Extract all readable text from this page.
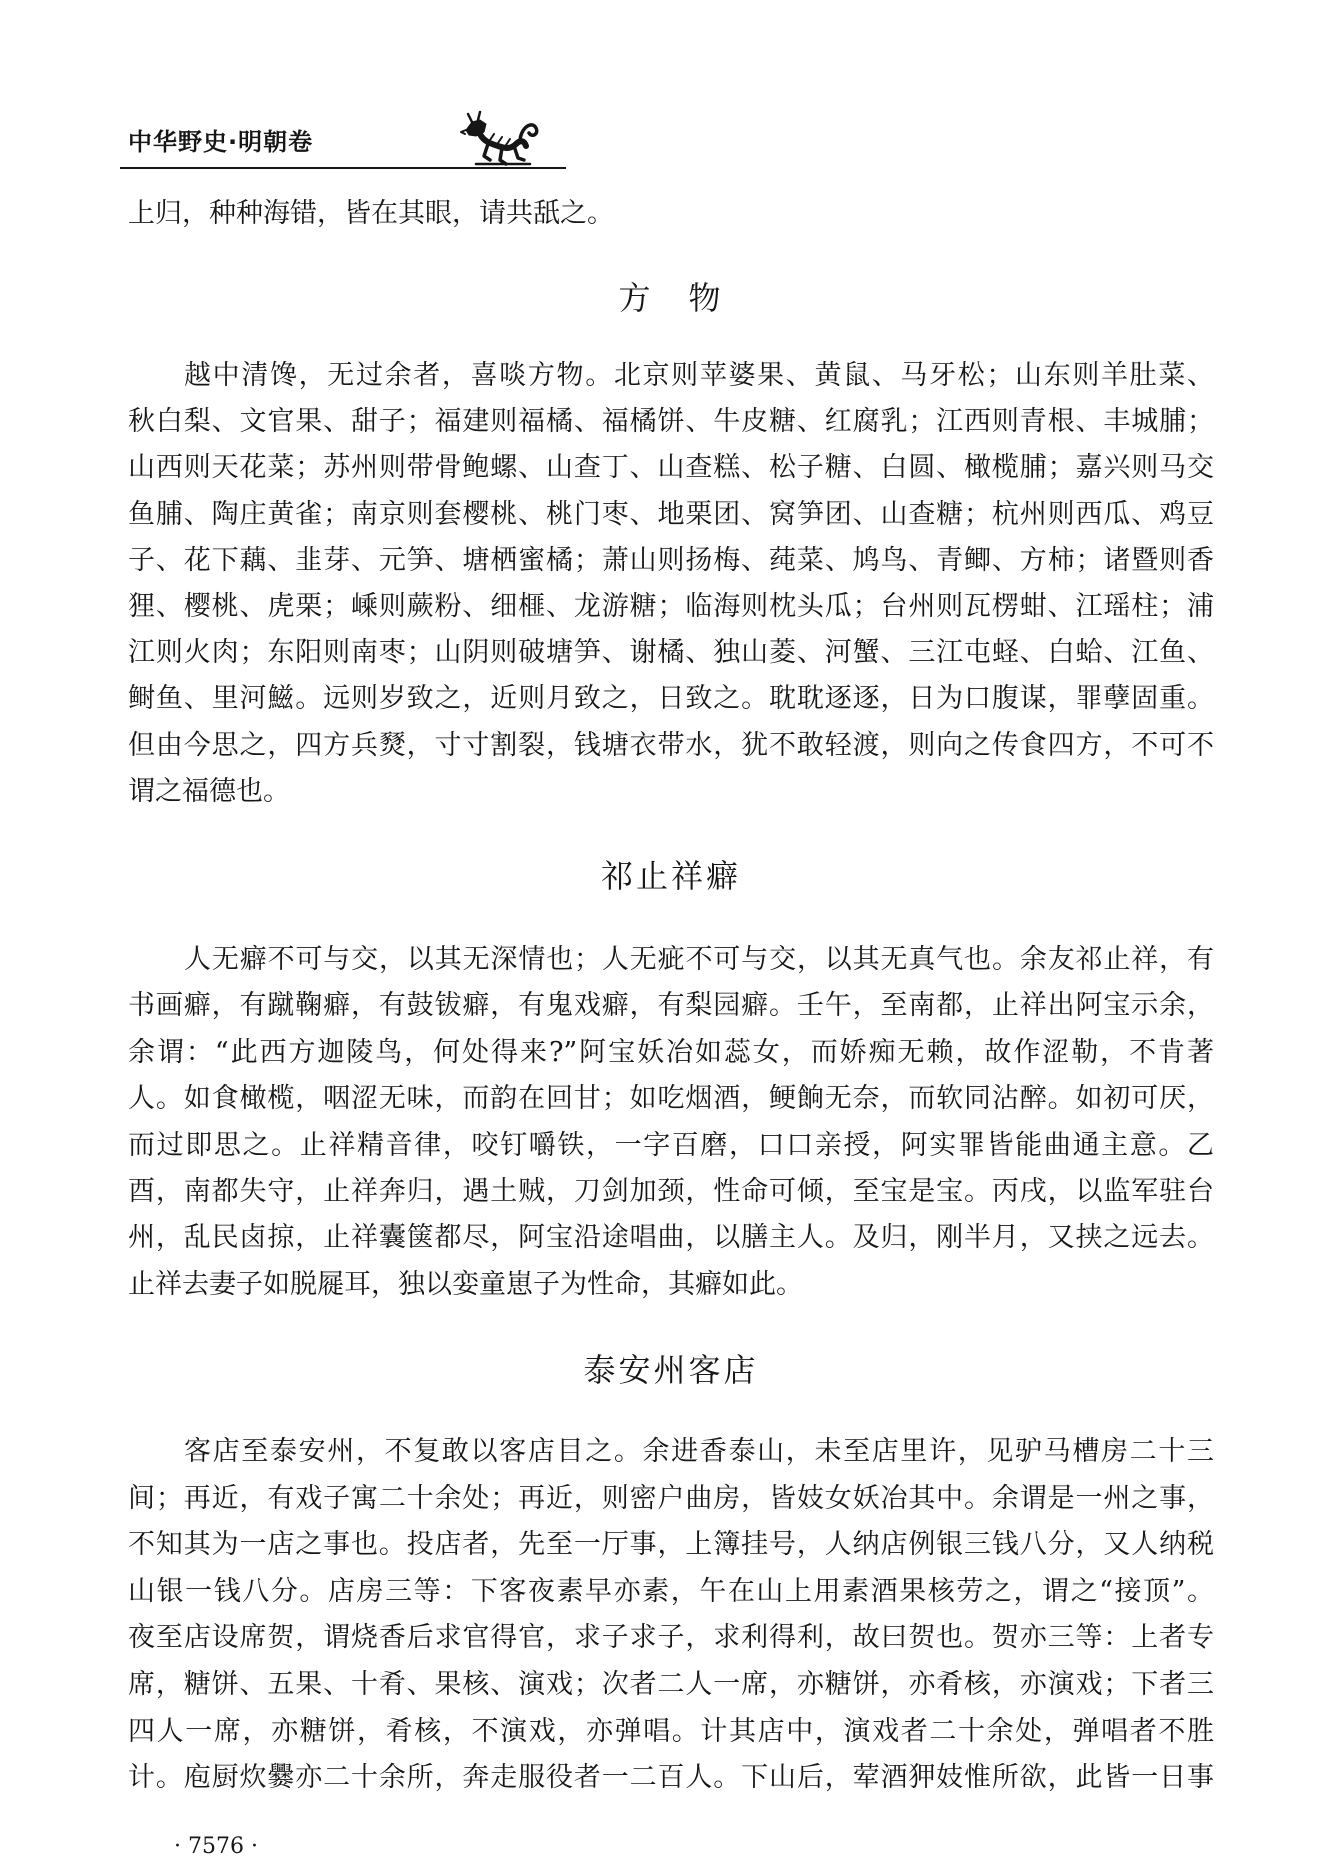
中华野史·明朝卷
上归，种种海错，皆在其眼，请共舐之。
方　物
越中清馋，无过余者，喜啖方物。北京则苹婆果、黄鼠、马牙松；山东则羊肚菜、
秋白梨、文官果、甜子；福建则福橘、福橘饼、牛皮糖、红腐乳；江西则青根、丰城脯；
山西则天花菜；苏州则带骨鲍螺、山查丁、山查糕、松子糖、白圆、橄榄脯；嘉兴则马交
鱼脯、陶庄黄雀；南京则套樱桃、桃门枣、地栗团、窝笋团、山查糖；杭州则西瓜、鸡豆
子、花下藕、韭芽、元笋、塘栖蜜橘；萧山则扬梅、莼菜、鸠鸟、青鲫、方柿；诸暨则香
狸、樱桃、虎栗；嵊则蕨粉、细榧、龙游糖；临海则枕头瓜；台州则瓦楞蚶、江瑶柱；浦
江则火肉；东阳则南枣；山阴则破塘笋、谢橘、独山菱、河蟹、三江屯蛏、白蛤、江鱼、
鲥鱼、里河鰦。远则岁致之，近则月致之，日致之。耽耽逐逐，日为口腹谋，罪孽固重。
但由今思之，四方兵燹，寸寸割裂，钱塘衣带水，犹不敢轻渡，则向之传食四方，不可不
谓之福德也。
祁止祥癖
人无癖不可与交，以其无深情也；人无疵不可与交，以其无真气也。余友祁止祥，有
书画癖，有蹴鞠癖，有鼓钹癖，有鬼戏癖，有梨园癖。壬午，至南都，止祥出阿宝示余，
余谓：“此西方迦陵鸟，何处得来?”阿宝妖冶如蕊女，而娇痴无赖，故作涩勒，不肯著
人。如食橄榄，咽涩无味，而韵在回甘；如吃烟酒，鲠餉无奈，而软同沾醉。如初可厌，
而过即思之。止祥精音律，咬钉嚼铁，一字百磨，口口亲授，阿实罪皆能曲通主意。乙
酉，南都失守，止祥奔归，遇土贼，刀剑加颈，性命可倾，至宝是宝。丙戌，以监军驻台
州，乱民卤掠，止祥囊箧都尽，阿宝沿途唱曲，以膳主人。及归，刚半月，又挟之远去。
止祥去妻子如脱屣耳，独以娈童崽子为性命，其癖如此。
泰安州客店
客店至泰安州，不复敢以客店目之。余进香泰山，未至店里许，见驴马槽房二十三
间；再近，有戏子寓二十余处；再近，则密户曲房，皆妓女妖冶其中。余谓是一州之事，
不知其为一店之事也。投店者，先至一厅事，上簿挂号，人纳店例银三钱八分，又人纳税
山银一钱八分。店房三等：下客夜素早亦素，午在山上用素酒果核劳之，谓之“接顶”。
夜至店设席贺，谓烧香后求官得官，求子求子，求利得利，故曰贺也。贺亦三等：上者专
席，糖饼、五果、十肴、果核、演戏；次者二人一席，亦糖饼，亦肴核，亦演戏；下者三
四人一席，亦糖饼，肴核，不演戏，亦弹唱。计其店中，演戏者二十余处，弹唱者不胜
计。庖厨炊爨亦二十余所，奔走服役者一二百人。下山后，荤酒狎妓惟所欲，此皆一日事
· 7576 ·
